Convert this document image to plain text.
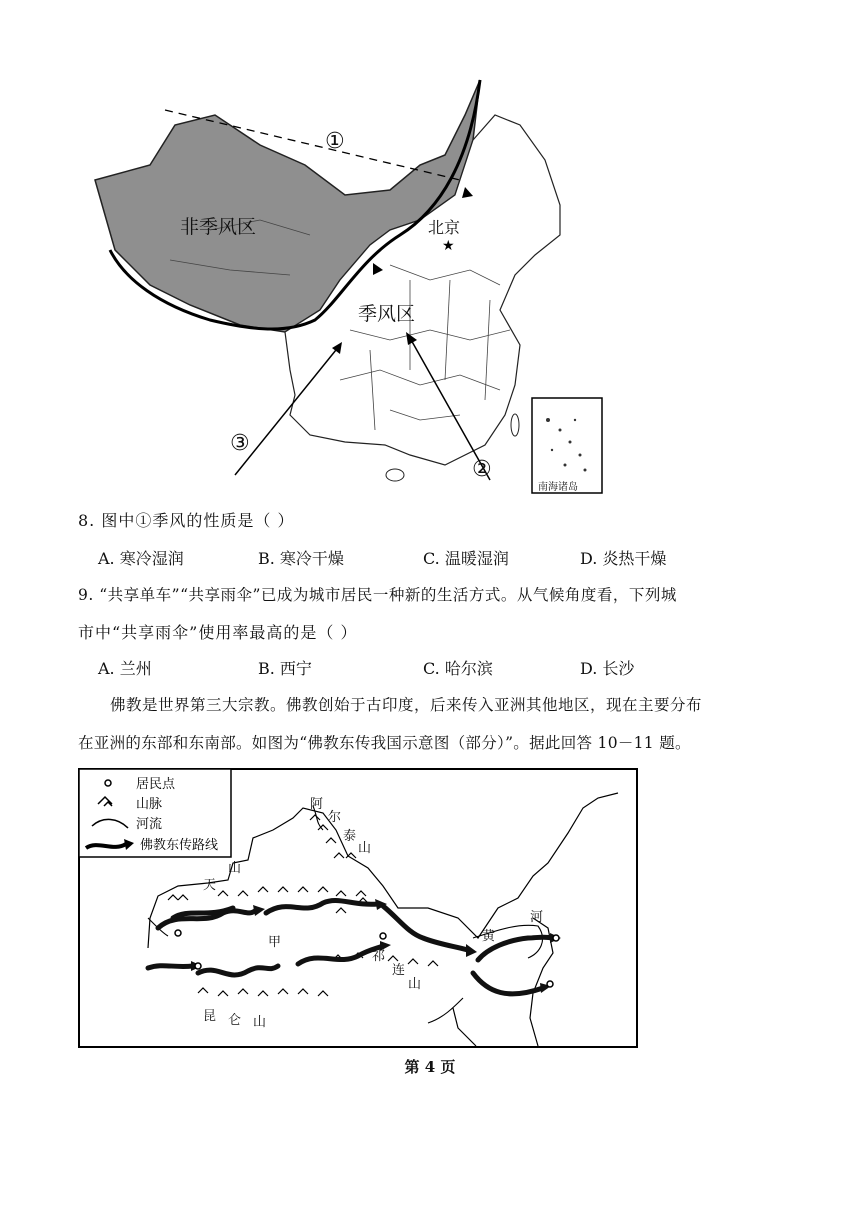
南海诸岛
非季风区
季风区
北京
★
①
③
②
8. 图中①季风的性质是（ ）
A. 寒冷湿润	B. 寒冷干燥	C. 温暖湿润	D. 炎热干燥
9. “共享单车”“共享雨伞”已成为城市居民一种新的生活方式。从气候角度看，下列城
市中“共享雨伞”使用率最高的是（ ）
A. 兰州	B. 西宁	C. 哈尔滨	D. 长沙
佛教是世界第三大宗教。佛教创始于古印度，后来传入亚洲其他地区，现在主要分布
在亚洲的东部和东南部。如图为“佛教东传我国示意图（部分）”。据此回答 10－11 题。
居民点
山脉
河流
佛教东传路线
阿
尔
泰
山
天
山
甲
祁
连
山
黄
河
昆 仑 山
第 4 页
